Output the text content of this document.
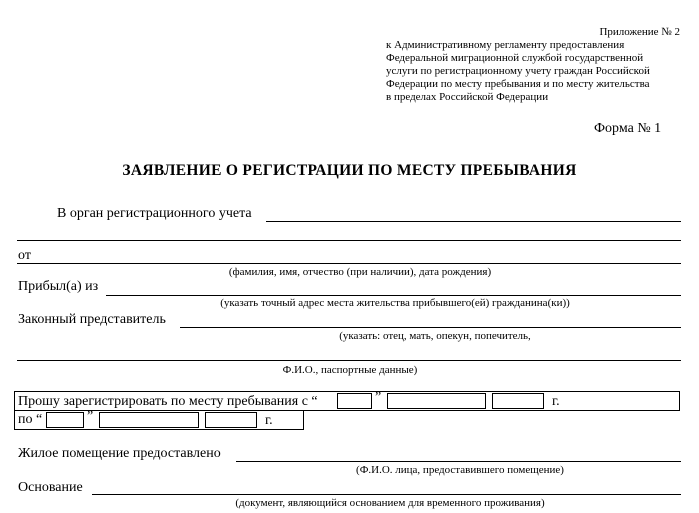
Приложение № 2
к Административному регламенту предоставления
Федеральной миграционной службой государственной
услуги по регистрационному учету граждан Российской
Федерации по месту пребывания и по месту жительства
в пределах Российской Федерации
Форма № 1
ЗАЯВЛЕНИЕ О РЕГИСТРАЦИИ ПО МЕСТУ ПРЕБЫВАНИЯ
В орган регистрационного учета
от
(фамилия, имя, отчество (при наличии), дата рождения)
Прибыл(а) из
(указать точный адрес места жительства прибывшего(ей) гражданина(ки))
Законный представитель
(указать: отец, мать, опекун, попечитель,
Ф.И.О., паспортные данные)
Прошу зарегистрировать по месту пребывания с “	”	г.
по “	”	г.
Жилое помещение предоставлено
(Ф.И.О. лица, предоставившего помещение)
Основание
(документ, являющийся основанием для временного проживания)
